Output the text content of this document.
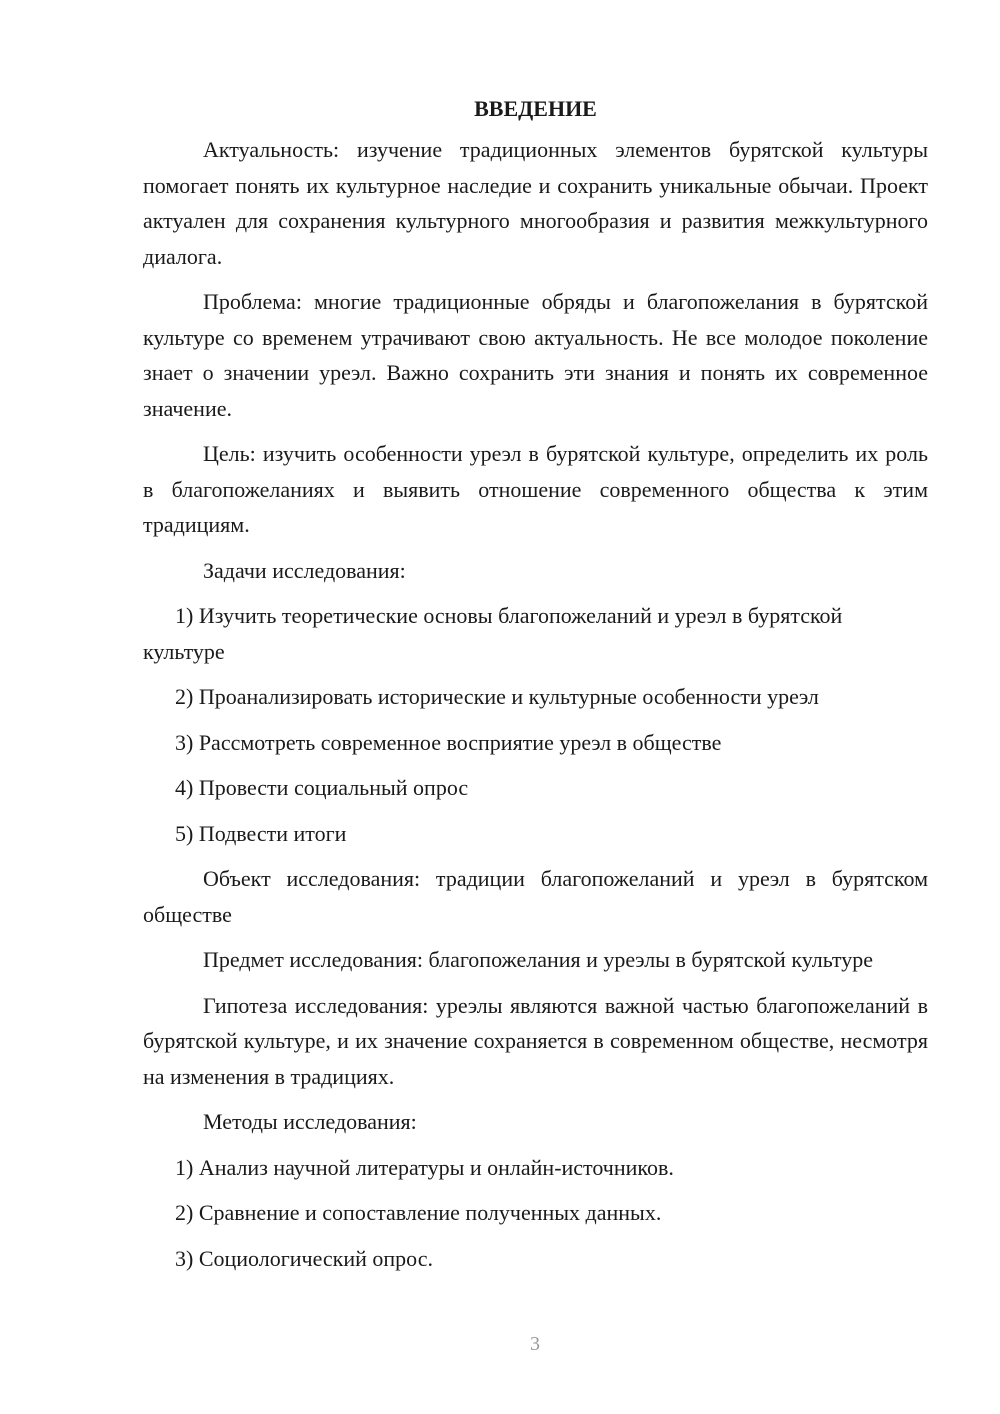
ВВЕДЕНИЕ

Актуальность: изучение традиционных элементов бурятской культуры помогает понять их культурное наследие и сохранить уникальные обычаи. Проект актуален для сохранения культурного многообразия и развития межкультурного диалога.

Проблема: многие традиционные обряды и благопожелания в бурятской культуре со временем утрачивают свою актуальность. Не все молодое поколение знает о значении уреэл. Важно сохранить эти знания и понять их современное значение.

Цель: изучить особенности уреэл в бурятской культуре, определить их роль в благопожеланиях и выявить отношение современного общества к этим традициям.

Задачи исследования:

1) Изучить теоретические основы благопожеланий и уреэл в бурятской культуре

2) Проанализировать исторические и культурные особенности уреэл

3) Рассмотреть современное восприятие уреэл в обществе

4) Провести социальный опрос

5) Подвести итоги

Объект исследования: традиции благопожеланий и уреэл в бурятском обществе

Предмет исследования: благопожелания и уреэлы в бурятской культуре

Гипотеза исследования: уреэлы являются важной частью благопожеланий в бурятской культуре, и их значение сохраняется в современном обществе, несмотря на изменения в традициях.

Методы исследования:

1) Анализ научной литературы и онлайн-источников.

2) Сравнение и сопоставление полученных данных.

3) Социологический опрос.

3
